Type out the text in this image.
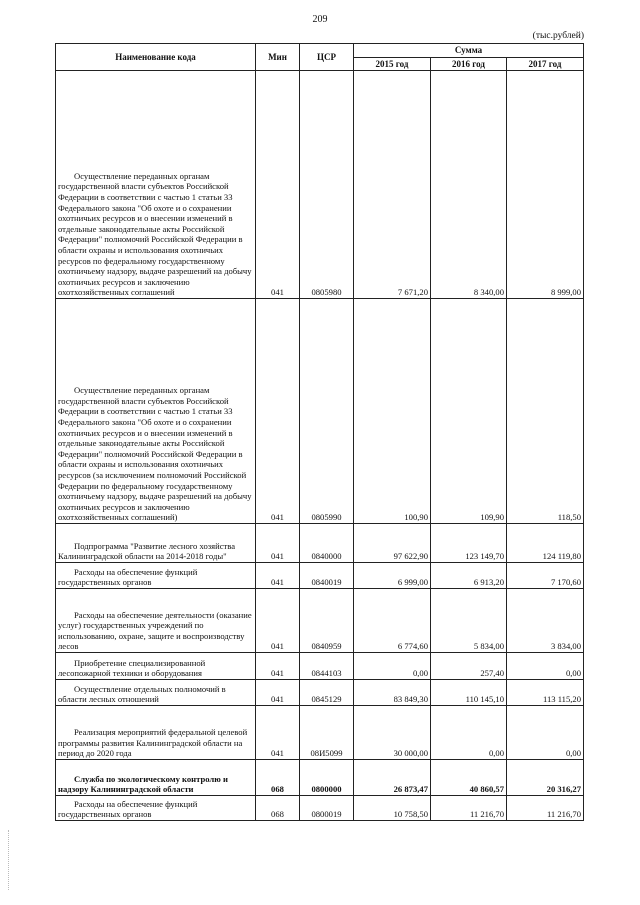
209
(тыс.рублей)
Наименование кода	Мин	ЦСР	Сумма		
			2015 год	2016 год	2017 год
Осуществление переданных органам государственной власти субъектов Российской Федерации в соответствии с частью 1 статьи 33 Федерального закона "Об охоте и о сохранении охотничьих ресурсов и о внесении изменений в отдельные законодательные акты Российской Федерации" полномочий Российской Федерации в области охраны и использования охотничьих ресурсов по федеральному государственному охотничьему надзору, выдаче разрешений на добычу охотничьих ресурсов и заключению охотхозяйственных соглашений	041	0805980	7 671,20	8 340,00	8 999,00
Осуществление переданных органам государственной власти субъектов Российской Федерации в соответствии с частью 1 статьи 33 Федерального закона "Об охоте и о сохранении охотничьих ресурсов и о внесении изменений в отдельные законодательные акты Российской Федерации" полномочий Российской Федерации в области охраны и использования охотничьих ресурсов (за исключением полномочий Российской Федерации по федеральному государственному охотничьему надзору, выдаче разрешений на добычу охотничьих ресурсов и заключению охотхозяйственных соглашений)	041	0805990	100,90	109,90	118,50
Подпрограмма "Развитие лесного хозяйства Калининградской области на 2014-2018 годы"	041	0840000	97 622,90	123 149,70	124 119,80
Расходы на обеспечение функций государственных органов	041	0840019	6 999,00	6 913,20	7 170,60
Расходы на обеспечение деятельности (оказание услуг) государственных учреждений по использованию, охране, защите и воспроизводству лесов	041	0840959	6 774,60	5 834,00	3 834,00
Приобретение специализированной лесопожарной техники и оборудования	041	0844103	0,00	257,40	0,00
Осуществление отдельных полномочий в области лесных отношений	041	0845129	83 849,30	110 145,10	113 115,20
Реализация мероприятий федеральной целевой программы развития Калининградской области на период до 2020 года	041	08И5099	30 000,00	0,00	0,00
Служба по экологическому контролю и надзору Калининградской области	068	0800000	26 873,47	40 860,57	20 316,27
Расходы на обеспечение функций государственных органов	068	0800019	10 758,50	11 216,70	11 216,70
